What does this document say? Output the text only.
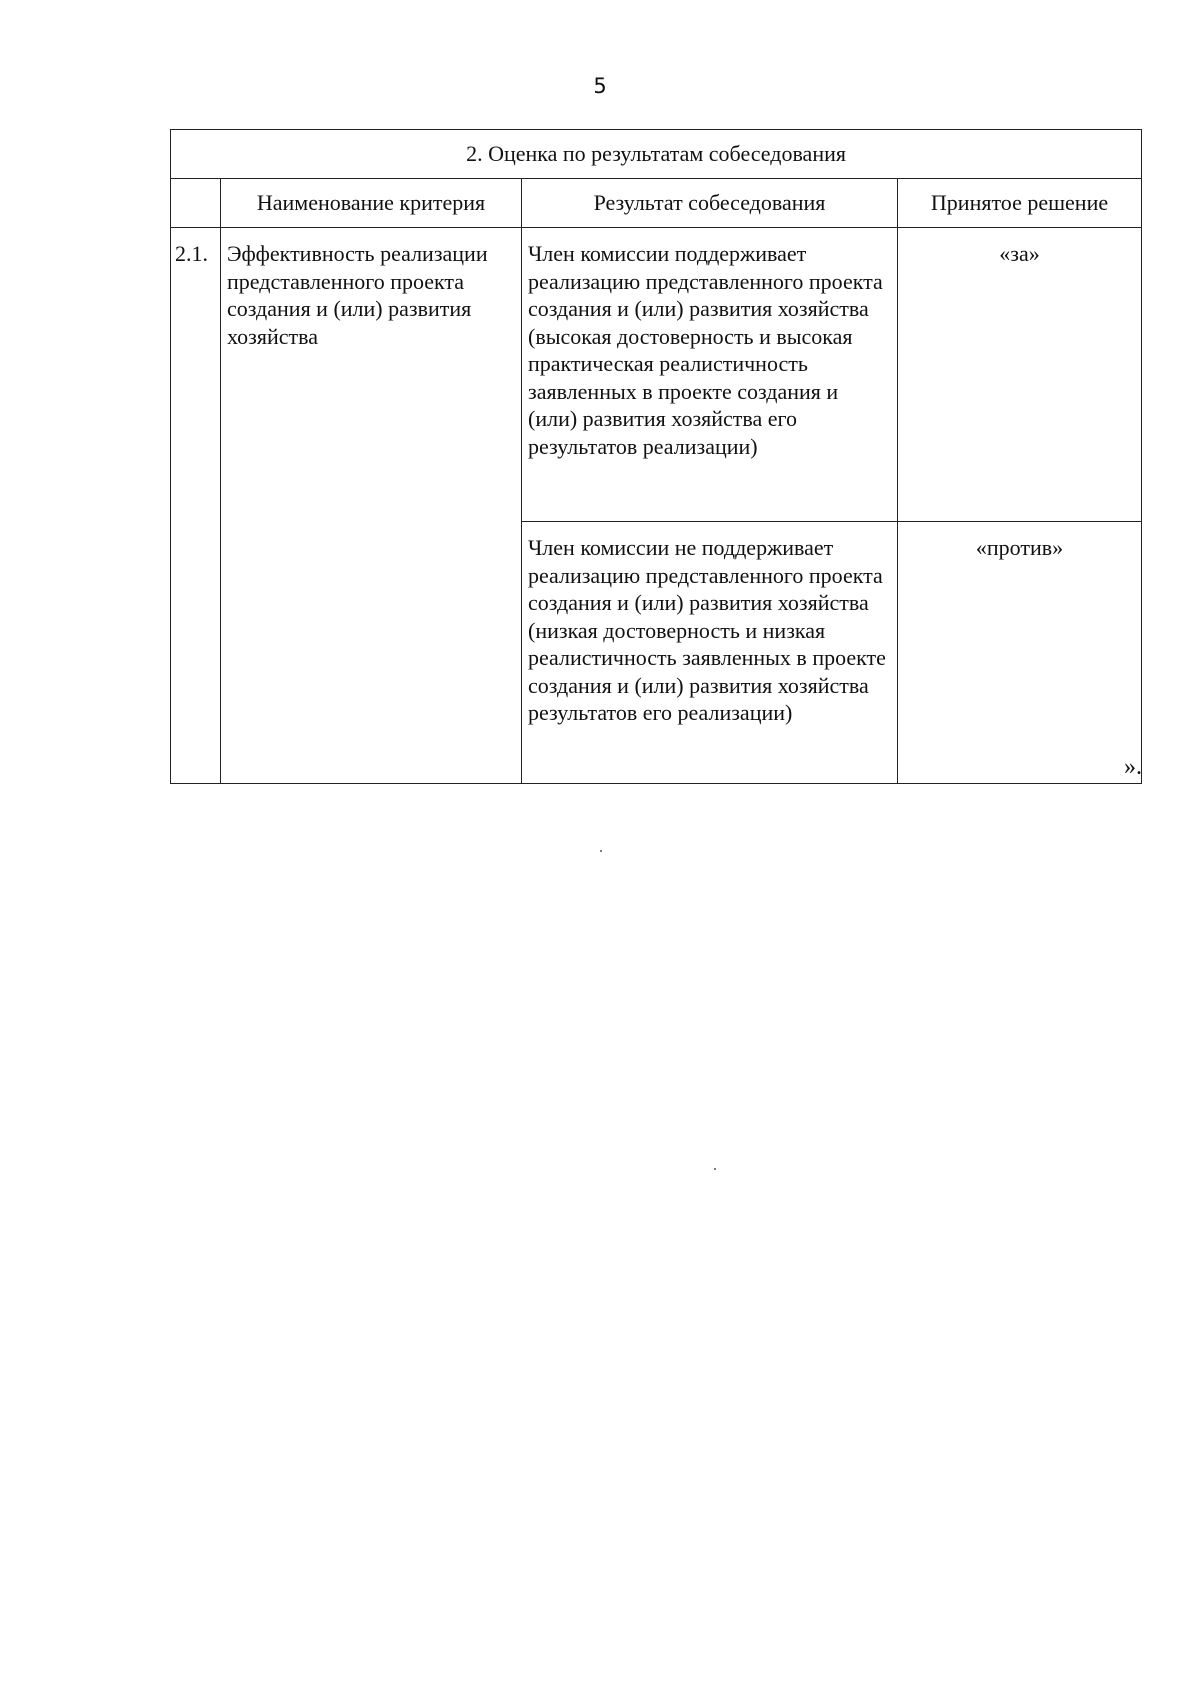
5
2. Оценка по результатам собеседования			
	Наименование критерия	Результат собеседования	Принятое решение
2.1.	Эффективность реализации представленного проекта создания и (или) развития хозяйства	Член комиссии поддерживает реализацию представленного проекта создания и (или) развития хозяйства (высокая достоверность и высокая практическая реалистичность заявленных в проекте создания и (или) развития хозяйства его результатов реализации)	«за»
		Член комиссии не поддерживает реализацию представленного проекта создания и (или) развития хозяйства (низкая достоверность и низкая реалистичность заявленных в проекте создания и (или) развития хозяйства результатов его реализации)	«против»
».
